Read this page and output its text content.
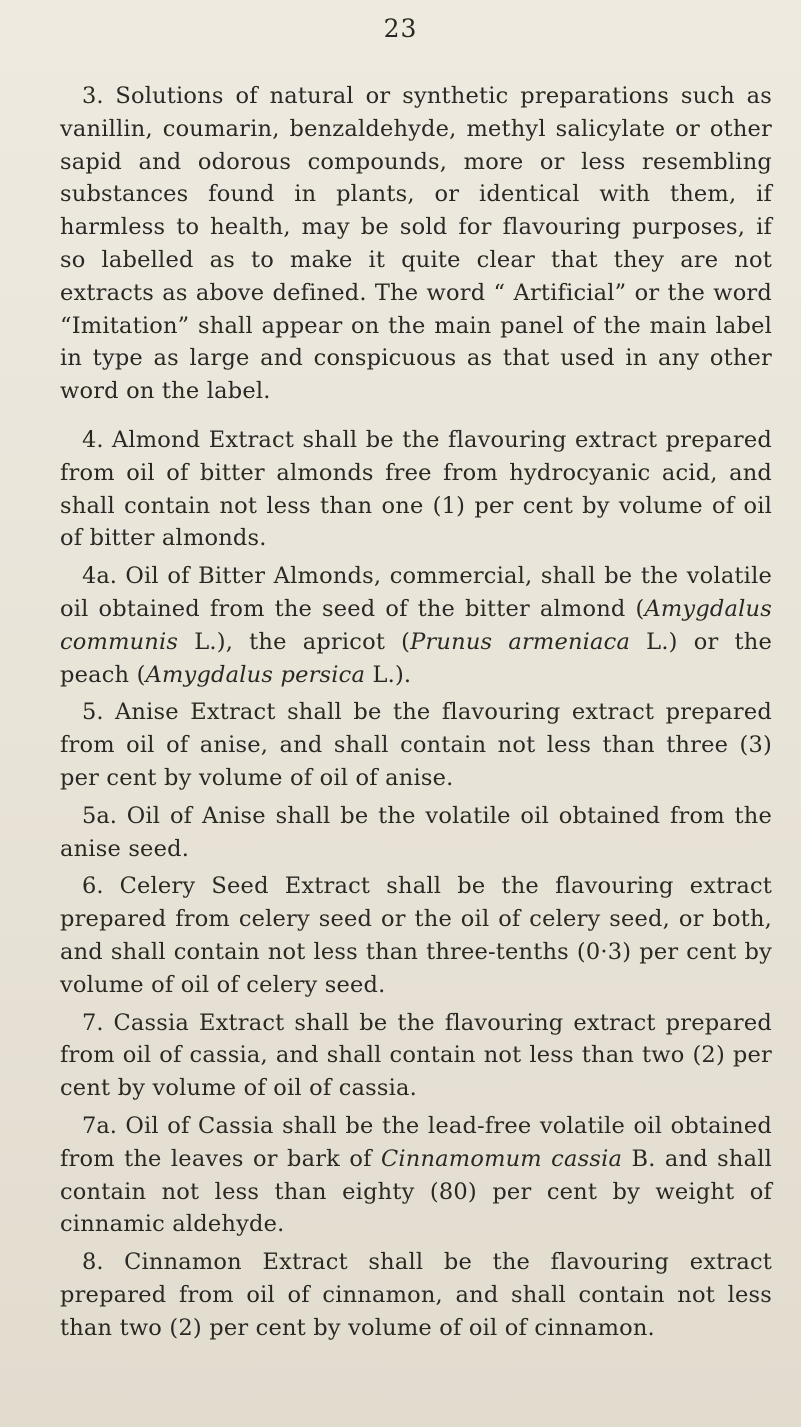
23

3. Solutions of natural or synthetic preparations such as vanillin, coumarin, benzaldehyde, methyl salicylate or other sapid and odorous compounds, more or less resembling substances found in plants, or identical with them, if harmless to health, may be sold for flavouring purposes, if so labelled as to make it quite clear that they are not extracts as above defined. The word “ Artificial” or the word “Imitation” shall appear on the main panel of the main label in type as large and conspicuous as that used in any other word on the label.

4. Almond Extract shall be the flavouring extract prepared from oil of bitter almonds free from hydrocyanic acid, and shall contain not less than one (1) per cent by volume of oil of bitter almonds.

4a. Oil of Bitter Almonds, commercial, shall be the volatile oil obtained from the seed of the bitter almond (Amygdalus communis L.), the apricot (Prunus armeniaca L.) or the peach (Amygdalus persica L.).

5. Anise Extract shall be the flavouring extract prepared from oil of anise, and shall contain not less than three (3) per cent by volume of oil of anise.

5a. Oil of Anise shall be the volatile oil obtained from the anise seed.

6. Celery Seed Extract shall be the flavouring extract prepared from celery seed or the oil of celery seed, or both, and shall contain not less than three-tenths (0·3) per cent by volume of oil of celery seed.

7. Cassia Extract shall be the flavouring extract prepared from oil of cassia, and shall contain not less than two (2) per cent by volume of oil of cassia.

7a. Oil of Cassia shall be the lead-free volatile oil obtained from the leaves or bark of Cinnamomum cassia B. and shall contain not less than eighty (80) per cent by weight of cinnamic aldehyde.

8. Cinnamon Extract shall be the flavouring extract prepared from oil of cinnamon, and shall contain not less than two (2) per cent by volume of oil of cinnamon.
